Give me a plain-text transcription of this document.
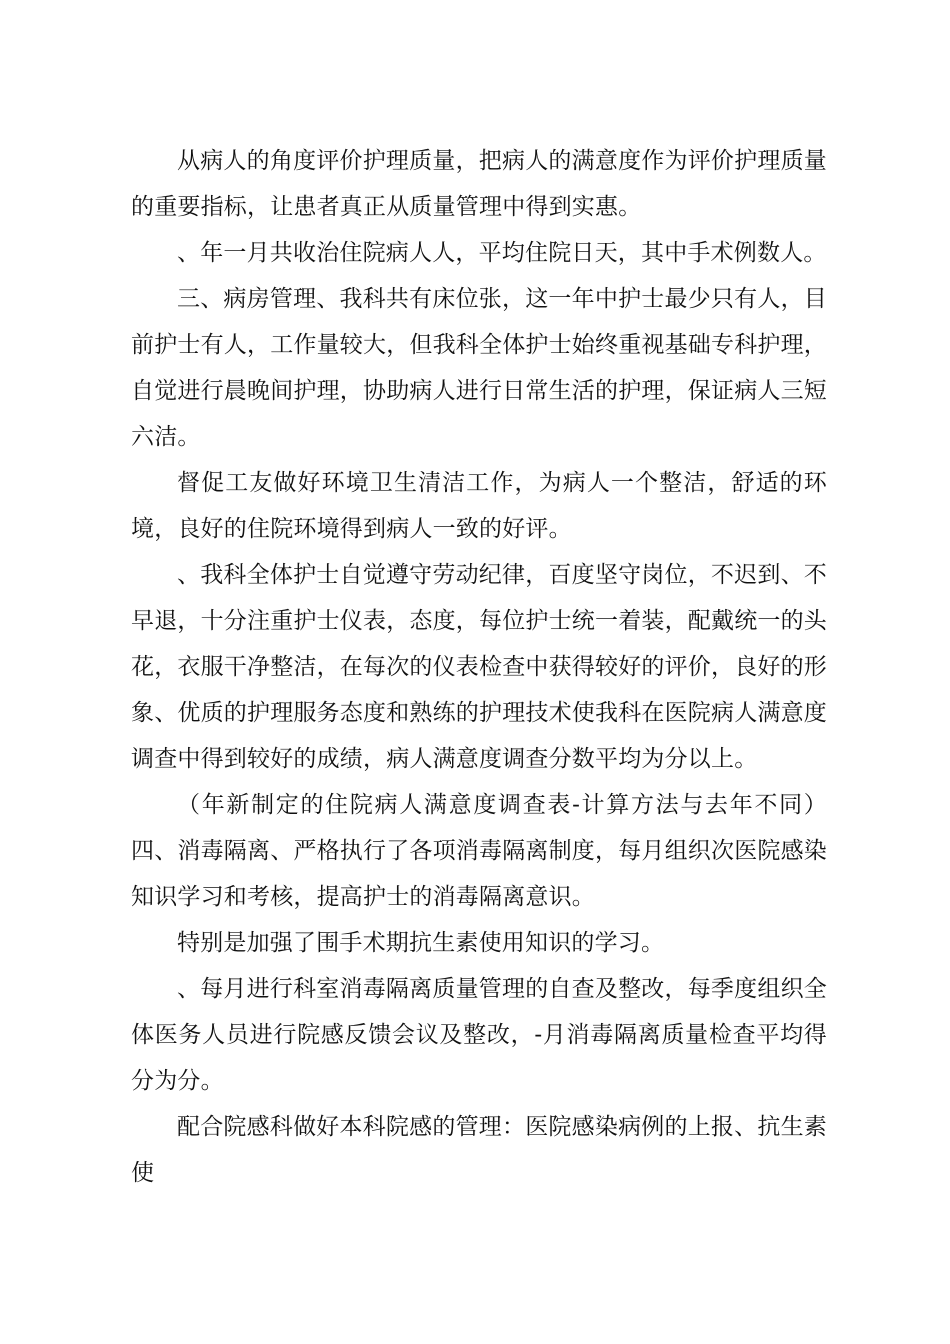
从病人的角度评价护理质量，把病人的满意度作为评价护理质量的重要指标，让患者真正从质量管理中得到实惠。

、年一月共收治住院病人人，平均住院日天，其中手术例数人。

三、病房管理、我科共有床位张，这一年中护士最少只有人，目前护士有人，工作量较大，但我科全体护士始终重视基础专科护理，自觉进行晨晚间护理，协助病人进行日常生活的护理，保证病人三短六洁。

督促工友做好环境卫生清洁工作，为病人一个整洁，舒适的环境，良好的住院环境得到病人一致的好评。

、我科全体护士自觉遵守劳动纪律，百度坚守岗位，不迟到、不早退，十分注重护士仪表，态度，每位护士统一着装，配戴统一的头花，衣服干净整洁，在每次的仪表检查中获得较好的评价，良好的形象、优质的护理服务态度和熟练的护理技术使我科在医院病人满意度调查中得到较好的成绩，病人满意度调查分数平均为分以上。

（年新制定的住院病人满意度调查表-计算方法与去年不同）四、消毒隔离、严格执行了各项消毒隔离制度，每月组织次医院感染知识学习和考核，提高护士的消毒隔离意识。

特别是加强了围手术期抗生素使用知识的学习。

、每月进行科室消毒隔离质量管理的自查及整改，每季度组织全体医务人员进行院感反馈会议及整改，-月消毒隔离质量检查平均得分为分。

配合院感科做好本科院感的管理：医院感染病例的上报、抗生素使
